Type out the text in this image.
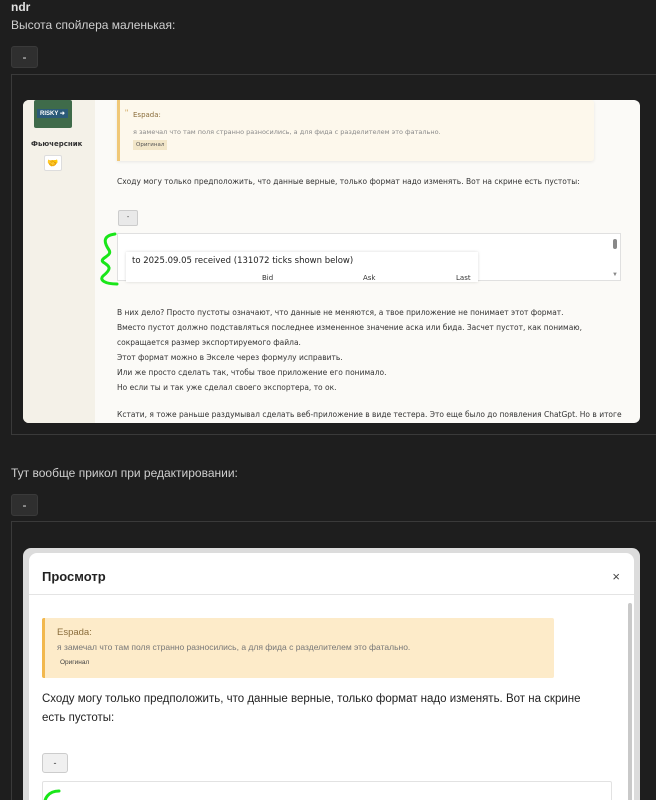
ndr
Высота спойлера маленькая:
-
RISKY ➜
Фьючерсник
🤝
" Espada:
я замечал что там поля странно разносились, а для фида с разделителем это фатально.
Оригинал
Сходу могу только предположить, что данные верные, только формат надо изменять. Вот на скрине есть пустоты:
-
to 2025.09.05 received (131072 ticks shown below)
Bid	Ask	Last	▼
В них дело? Просто пустоты означают, что данные не меняются, а твое приложение не понимает этот формат.
Вместо пустот должно подставляться последнее измененное значение аска или бида. Засчет пустот, как понимаю,
сокращается размер экспортируемого файла.
Этот формат можно в Экселе через формулу исправить.
Или же просто сделать так, чтобы твое приложение его понимало.
Но если ты и так уже сделал своего экспортера, то ок.
Кстати, я тоже раньше раздумывал сделать веб-приложение в виде тестера. Это еще было до появления ChatGpt. Но в итоге
Тут вообще прикол при редактировании:
-
Просмотр	×
Espada:
я замечал что там поля странно разносились, а для фида с разделителем это фатально.
Оригинал
Сходу могу только предположить, что данные верные, только формат надо изменять. Вот на скрине есть пустоты:
-
